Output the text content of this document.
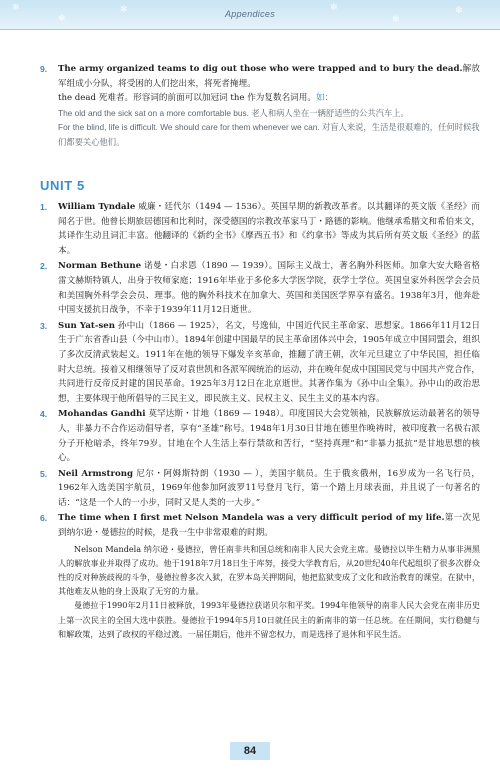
✻
✻
✻	✻
✻
✻
Appendices
9. The army organized teams to dig out those who were trapped and to bury the dead.解放军组成小分队，将受困的人们挖出来，将死者掩埋。
the dead 死难者。形容词的前面可以加冠词 the 作为复数名词用。如：
The old and the sick sat on a more comfortable bus. 老人和病人坐在一辆舒适些的公共汽车上。
For the blind, life is difficult. We should care for them whenever we can. 对盲人来说，生活是很艰难的，任何时候我们都要关心他们。
UNIT 5
1. William Tyndale 威廉・廷代尔（1494 — 1536）。英国早期的新教改革者。以其翻译的英文版《圣经》而闻名于世。他曾长期旅居德国和比利时，深受德国的宗教改革家马丁・路德的影响。他继承希腊文和希伯来文，其译作生动且词汇丰富。他翻译的《新约全书》《摩西五书》和《约拿书》等成为其后所有英文版《圣经》的蓝本。
2. Norman Bethune 诺曼・白求恩（1890 — 1939）。国际主义战士，著名胸外科医师。加拿大安大略省格雷文赫斯特镇人，出身于牧师家庭；1916年毕业于多伦多大学医学院，获学士学位。英国皇家外科医学会会员和美国胸外科学会会员、理事。他的胸外科技术在加拿大、英国和美国医学界享有盛名。1938年3月，他奔赴中国支援抗日战争，不幸于1939年11月12日逝世。
3. Sun Yat-sen 孙中山（1866 — 1925），名文，号逸仙，中国近代民主革命家、思想家。1866年11月12日生于广东省香山县（今中山市）。1894年创建中国最早的民主革命团体兴中会，1905年成立中国同盟会，组织了多次反清武装起义。1911年在他的领导下爆发辛亥革命，推翻了清王朝，次年元旦建立了中华民国，担任临时大总统。接着又相继领导了反对袁世凯和各派军阀统治的运动，并在晚年促成中国国民党与中国共产党合作，共同进行反帝反封建的国民革命。1925年3月12日在北京逝世。其著作集为《孙中山全集》。孙中山的政治思想，主要体现于他所倡导的三民主义，即民族主义、民权主义、民生主义的基本内容。
4. Mohandas Gandhi 莫罕达斯・甘地（1869 — 1948）。印度国民大会党领袖，民族解放运动最著名的领导人，非暴力不合作运动倡导者，享有“圣雄”称号。1948年1月30日甘地在德里作晚祷时，被印度教一名极右派分子开枪暗杀，终年79岁。甘地在个人生活上奉行禁欲和苦行，“坚持真理”和“非暴力抵抗”是甘地思想的核心。
5. Neil Armstrong 尼尔・阿姆斯特朗（1930 — ），美国宇航员。生于俄亥俄州，16岁成为一名飞行员，1962年入选美国宇航员，1969年他参加阿波罗11号登月飞行，第一个踏上月球表面，并且说了一句著名的话：“这是一个人的一小步，同时又是人类的一大步。”
6. The time when I first met Nelson Mandela was a very difficult period of my life.第一次见到纳尔逊・曼德拉的时候，是我一生中非常艰难的时期。

Nelson Mandela 纳尔逊・曼德拉，曾任南非共和国总统和南非人民大会党主席。曼德拉以毕生精力从事非洲黑人的解放事业并取得了成功。他于1918年7月18日生于库努，接受大学教育后，从20世纪40年代起组织了很多次群众性的反对种族歧视的斗争，曼德拉曾多次入狱，在罗本岛关押期间，他把监狱变成了文化和政治教育的课堂。在狱中，其他难友从他的身上汲取了无穷的力量。

曼德拉于1990年2月11日被释放，1993年曼德拉获诺贝尔和平奖。1994年他领导的南非人民大会党在南非历史上第一次民主的全国大选中获胜。曼德拉于1994年5月10日就任民主的新南非的第一任总统。在任期间，实行稳健与和解政策，达到了政权的平稳过渡。一届任期后，他并不留恋权力，而是选择了退休和平民生活。

84
